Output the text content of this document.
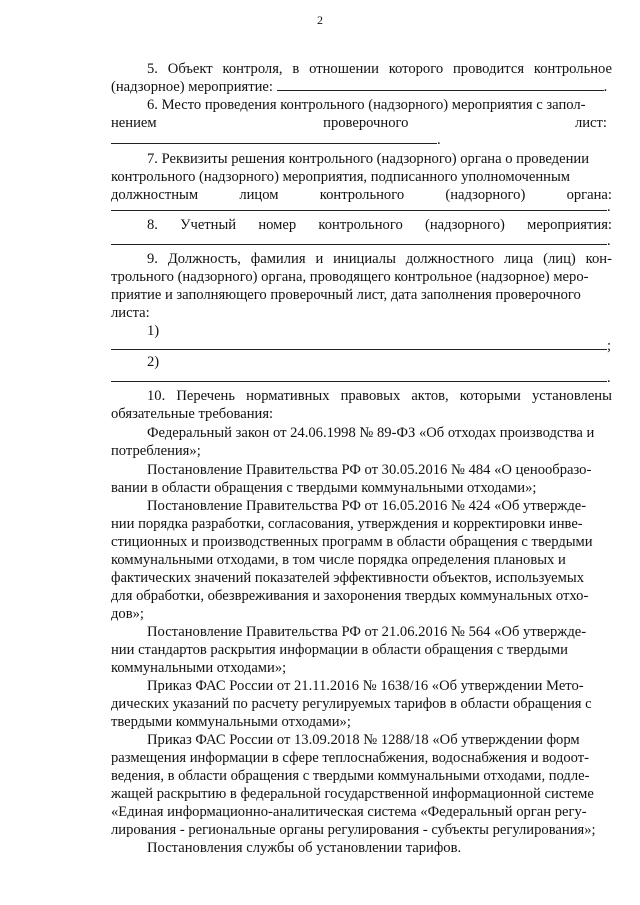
2
5. Объект контроля, в отношении которого проводится контрольное
(надзорное) мероприятие:	.
6. Место проведения контрольного (надзорного) мероприятия с запол-
нением	проверочного	лист:
.
7. Реквизиты решения контрольного (надзорного) органа о проведении
контрольного (надзорного) мероприятия, подписанного уполномоченным
должностным	лицом	контрольного	(надзорного)	органа:
.
8. Учетный номер контрольного (надзорного) мероприятия:
.
9. Должность, фамилия и инициалы должностного лица (лиц) кон-
трольного (надзорного) органа, проводящего контрольное (надзорное) меро-
приятие и заполняющего проверочный лист, дата заполнения проверочного
листа:
1)
;
2)
.
10. Перечень нормативных правовых актов, которыми установлены
обязательные требования:
Федеральный закон от 24.06.1998 № 89-ФЗ «Об отходах производства и
потребления»;
Постановление Правительства РФ от 30.05.2016 № 484 «О ценообразо-
вании в области обращения с твердыми коммунальными отходами»;
Постановление Правительства РФ от 16.05.2016 № 424 «Об утвержде-
нии порядка разработки, согласования, утверждения и корректировки инве-
стиционных и производственных программ в области обращения с твердыми
коммунальными отходами, в том числе порядка определения плановых и
фактических значений показателей эффективности объектов, используемых
для обработки, обезвреживания и захоронения твердых коммунальных отхо-
дов»;
Постановление Правительства РФ от 21.06.2016 № 564 «Об утвержде-
нии стандартов раскрытия информации в области обращения с твердыми
коммунальными отходами»;
Приказ ФАС России от 21.11.2016 № 1638/16 «Об утверждении Мето-
дических указаний по расчету регулируемых тарифов в области обращения с
твердыми коммунальными отходами»;
Приказ ФАС России от 13.09.2018 № 1288/18 «Об утверждении форм
размещения информации в сфере теплоснабжения, водоснабжения и водоот-
ведения, в области обращения с твердыми коммунальными отходами, подле-
жащей раскрытию в федеральной государственной информационной системе
«Единая информационно-аналитическая система «Федеральный орган регу-
лирования - региональные органы регулирования - субъекты регулирования»;
Постановления службы об установлении тарифов.
